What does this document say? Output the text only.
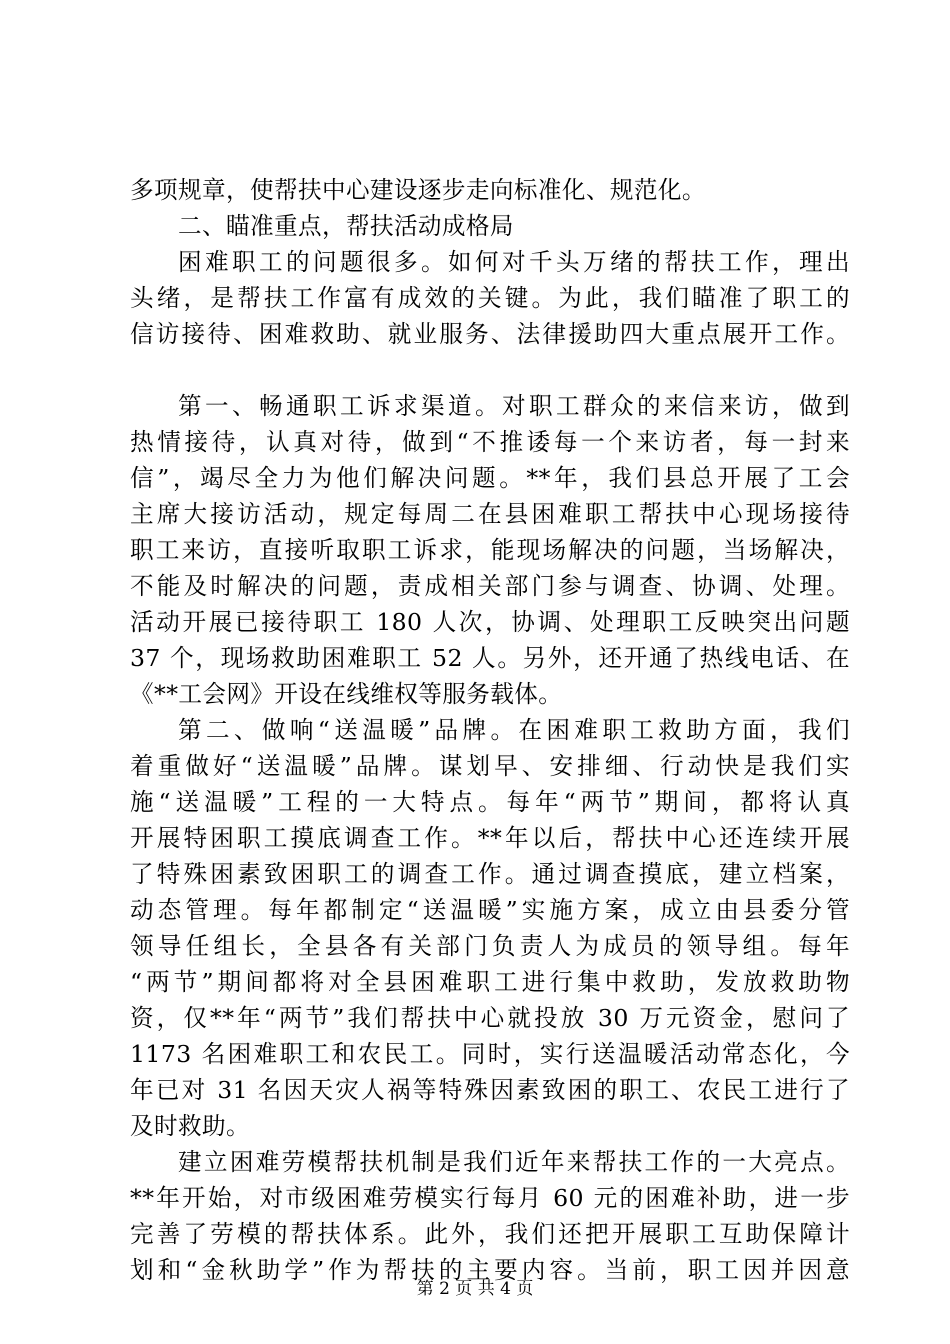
多项规章，使帮扶中心建设逐步走向标准化、规范化。
二、瞄准重点，帮扶活动成格局
困难职工的问题很多。如何对千头万绪的帮扶工作，理出
头绪，是帮扶工作富有成效的关键。为此，我们瞄准了职工的
信访接待、困难救助、就业服务、法律援助四大重点展开工作。
第一、畅通职工诉求渠道。对职工群众的来信来访，做到
热情接待，认真对待，做到“不推诿每一个来访者，每一封来
信”，竭尽全力为他们解决问题。**年，我们县总开展了工会
主席大接访活动，规定每周二在县困难职工帮扶中心现场接待
职工来访，直接听取职工诉求，能现场解决的问题，当场解决，
不能及时解决的问题，责成相关部门参与调查、协调、处理。
活动开展已接待职工 180 人次，协调、处理职工反映突出问题
37 个，现场救助困难职工 52 人。另外，还开通了热线电话、在
《**工会网》开设在线维权等服务载体。
第二、做响“送温暖”品牌。在困难职工救助方面，我们
着重做好“送温暖”品牌。谋划早、安排细、行动快是我们实
施“送温暖”工程的一大特点。每年“两节”期间，都将认真
开展特困职工摸底调查工作。**年以后，帮扶中心还连续开展
了特殊困素致困职工的调查工作。通过调查摸底，建立档案，
动态管理。每年都制定“送温暖”实施方案，成立由县委分管
领导任组长，全县各有关部门负责人为成员的领导组。每年
“两节”期间都将对全县困难职工进行集中救助，发放救助物
资，仅**年“两节”我们帮扶中心就投放 30 万元资金，慰问了
1173 名困难职工和农民工。同时，实行送温暖活动常态化，今
年已对 31 名因天灾人祸等特殊因素致困的职工、农民工进行了
及时救助。
建立困难劳模帮扶机制是我们近年来帮扶工作的一大亮点。
**年开始，对市级困难劳模实行每月 60 元的困难补助，进一步
完善了劳模的帮扶体系。此外，我们还把开展职工互助保障计
划和“金秋助学”作为帮扶的主要内容。当前，职工因并因意
第 2 页 共 4 页
